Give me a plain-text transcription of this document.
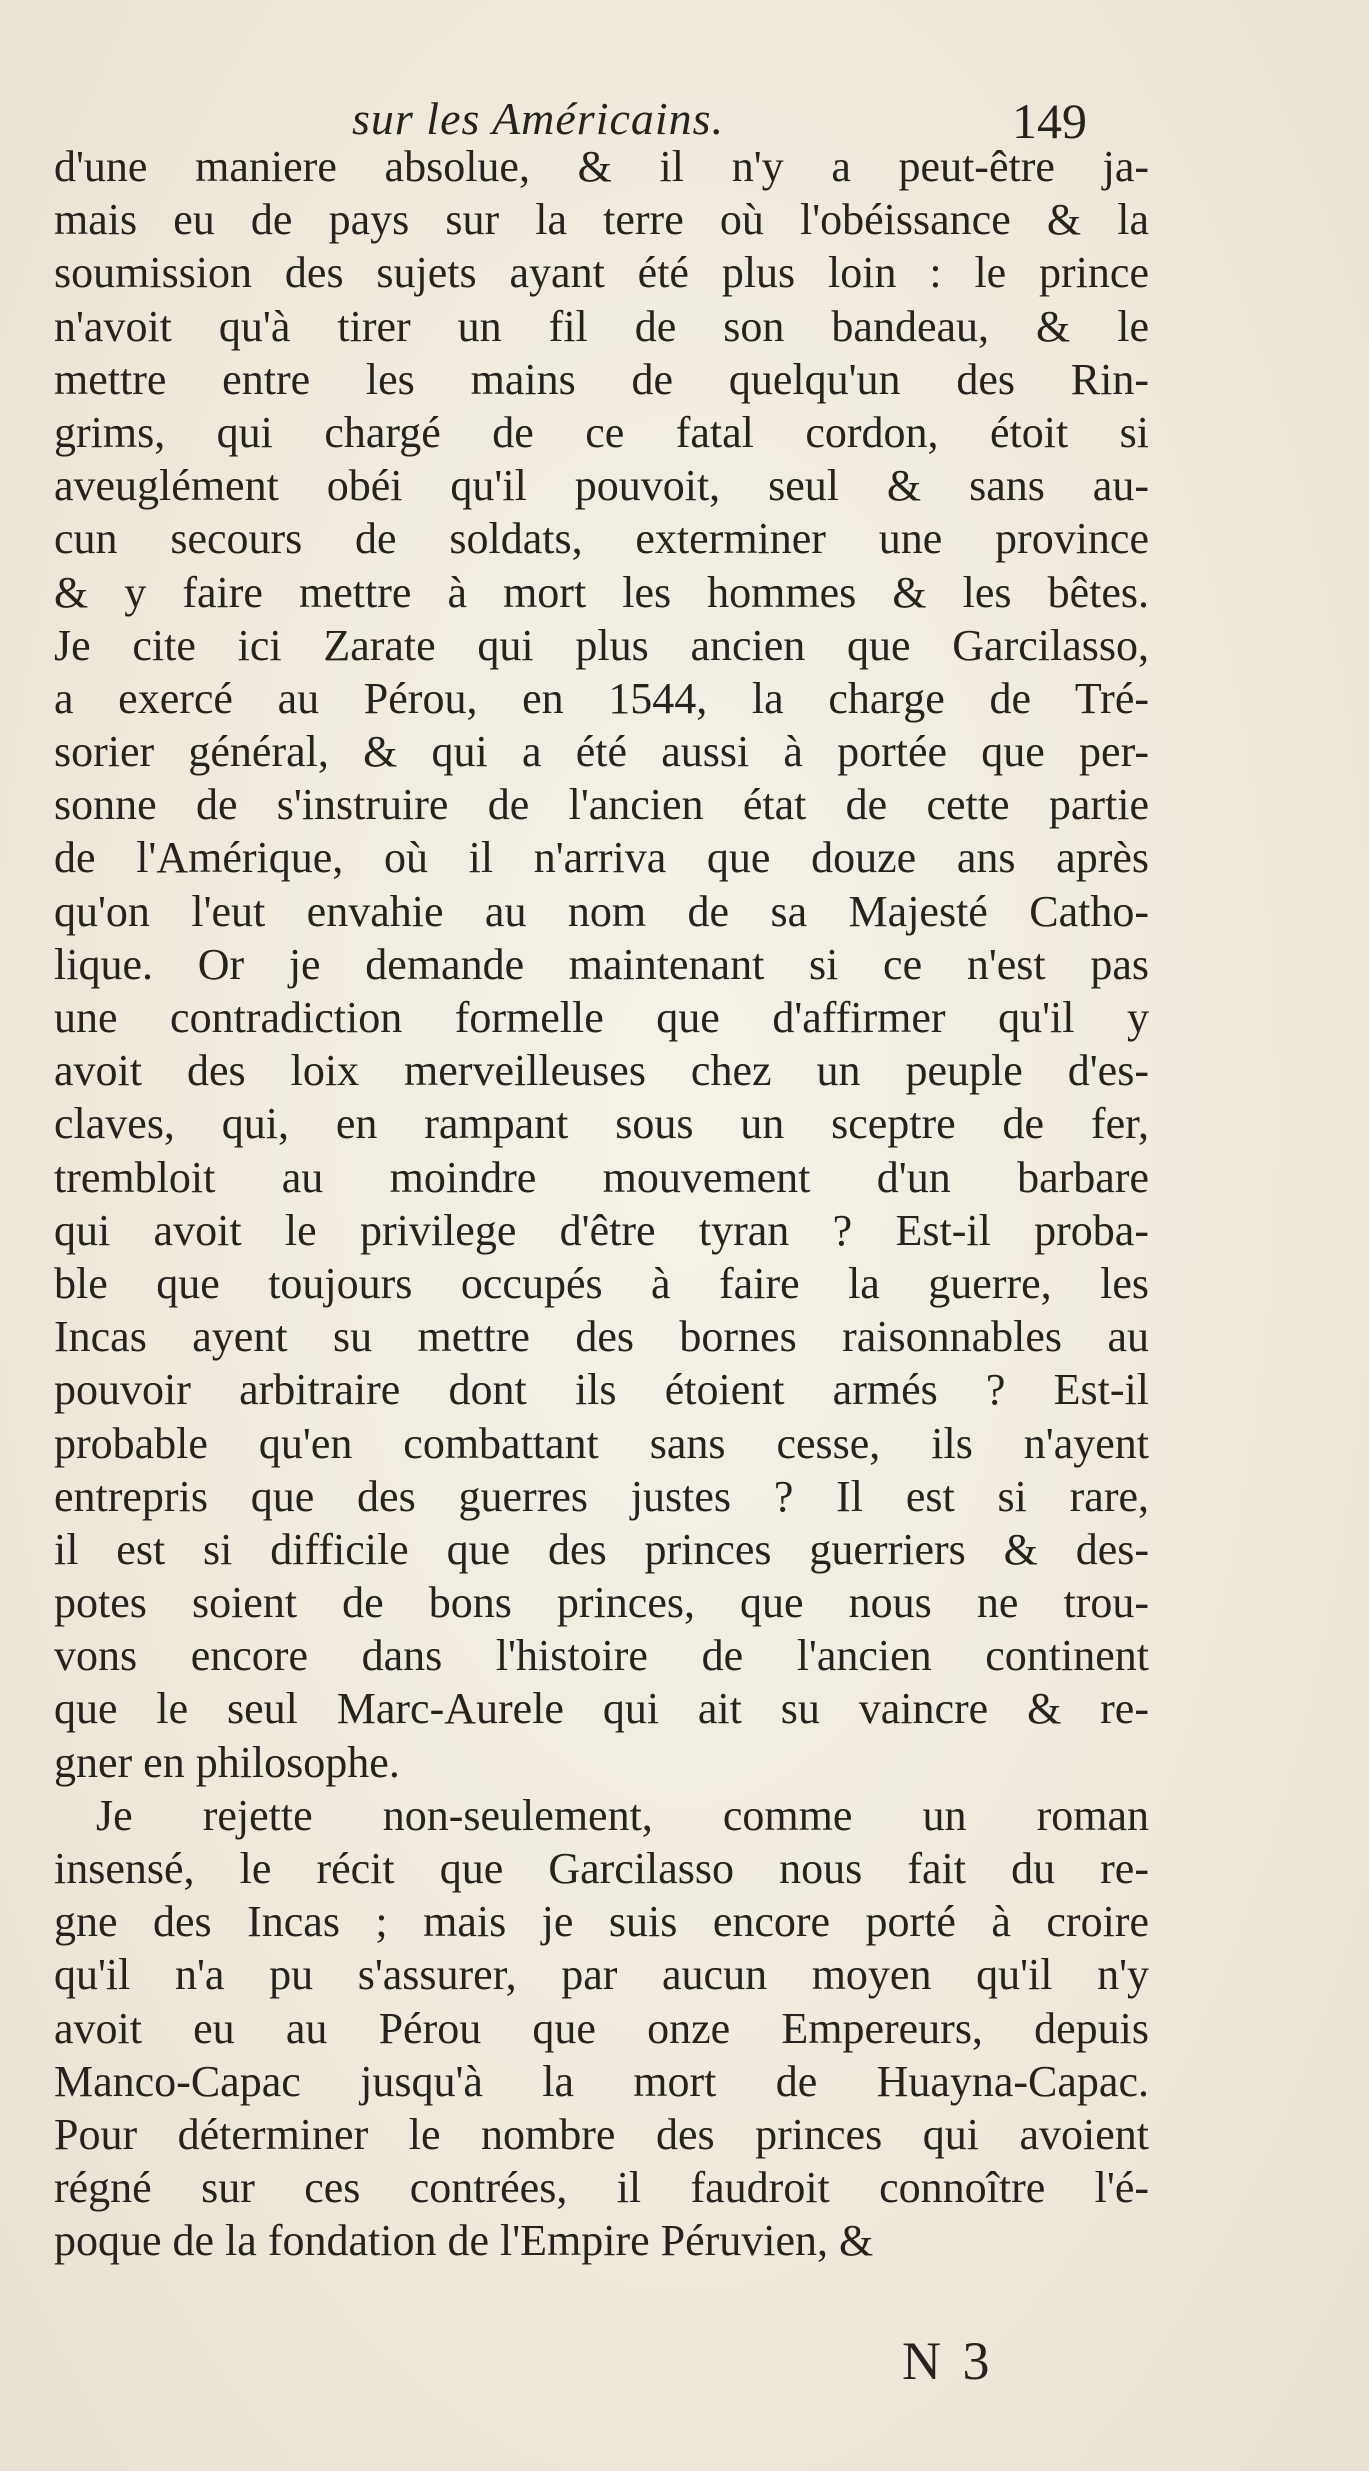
sur les Américains.	149
d'une maniere absolue, & il n'y a peut-être ja-
mais eu de pays sur la terre où l'obéissance & la
soumission des sujets ayant été plus loin : le prince
n'avoit qu'à tirer un fil de son bandeau, & le
mettre entre les mains de quelqu'un des Rin-
grims, qui chargé de ce fatal cordon, étoit si
aveuglément obéi qu'il pouvoit, seul & sans au-
cun secours de soldats, exterminer une province
& y faire mettre à mort les hommes & les bêtes.
Je cite ici Zarate qui plus ancien que Garcilasso,
a exercé au Pérou, en 1544, la charge de Tré-
sorier général, & qui a été aussi à portée que per-
sonne de s'instruire de l'ancien état de cette partie
de l'Amérique, où il n'arriva que douze ans après
qu'on l'eut envahie au nom de sa Majesté Catho-
lique. Or je demande maintenant si ce n'est pas
une contradiction formelle que d'affirmer qu'il y
avoit des loix merveilleuses chez un peuple d'es-
claves, qui, en rampant sous un sceptre de fer,
trembloit au moindre mouvement d'un barbare
qui avoit le privilege d'être tyran ? Est-il proba-
ble que toujours occupés à faire la guerre, les
Incas ayent su mettre des bornes raisonnables au
pouvoir arbitraire dont ils étoient armés ? Est-il
probable qu'en combattant sans cesse, ils n'ayent
entrepris que des guerres justes ? Il est si rare,
il est si difficile que des princes guerriers & des-
potes soient de bons princes, que nous ne trou-
vons encore dans l'histoire de l'ancien continent
que le seul Marc-Aurele qui ait su vaincre & re-
gner en philosophe.
Je rejette non-seulement, comme un roman
insensé, le récit que Garcilasso nous fait du re-
gne des Incas ; mais je suis encore porté à croire
qu'il n'a pu s'assurer, par aucun moyen qu'il n'y
avoit eu au Pérou que onze Empereurs, depuis
Manco-Capac jusqu'à la mort de Huayna-Capac.
Pour déterminer le nombre des princes qui avoient
régné sur ces contrées, il faudroit connoître l'é-
poque de la fondation de l'Empire Péruvien, &
N 3
